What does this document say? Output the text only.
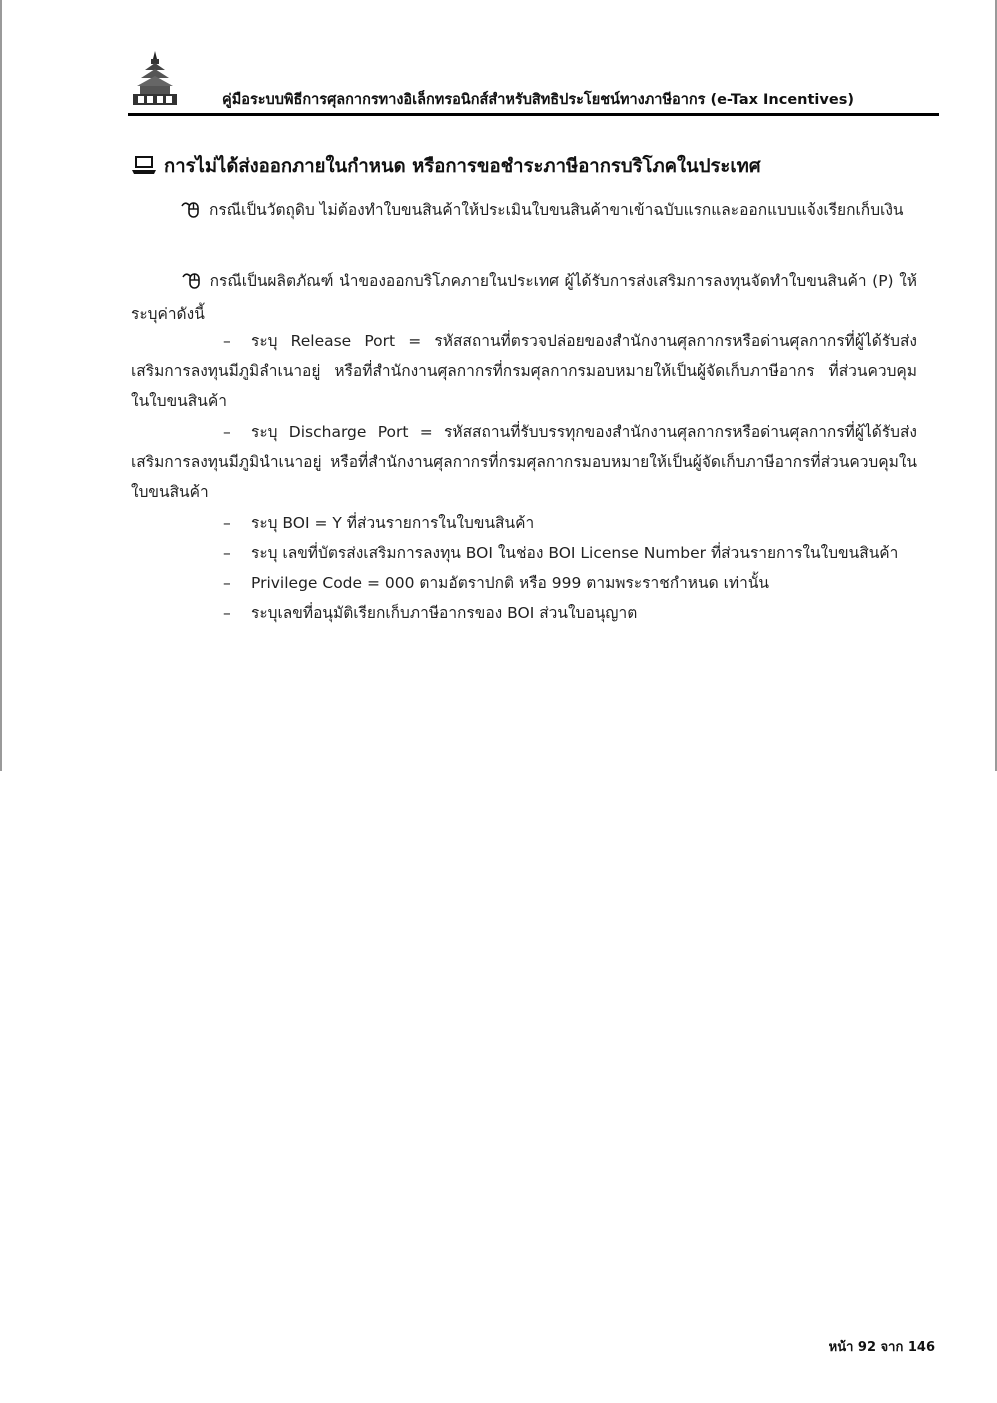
คู่มือระบบพิธีการศุลกากรทางอิเล็กทรอนิกส์สำหรับสิทธิประโยชน์ทางภาษีอากร (e-Tax Incentives)
การไม่ได้ส่งออกภายในกำหนด หรือการขอชำระภาษีอากรบริโภคในประเทศ

กรณีเป็นวัตถุดิบ ไม่ต้องทำใบขนสินค้าให้ประเมินใบขนสินค้าขาเข้าฉบับแรกและออกแบบแจ้งเรียกเก็บเงิน

กรณีเป็นผลิตภัณฑ์ นำของออกบริโภคภายในประเทศ ผู้ได้รับการส่งเสริมการลงทุนจัดทำใบขนสินค้า (P) ให้ระบุค่าดังนี้

– ระบุ Release Port = รหัสสถานที่ตรวจปล่อยของสำนักงานศุลกากรหรือด่านศุลกากรที่ผู้ได้รับส่งเสริมการลงทุนมีภูมิลำเนาอยู่ หรือที่สำนักงานศุลกากรที่กรมศุลกากรมอบหมายให้เป็นผู้จัดเก็บภาษีอากร ที่ส่วนควบคุมในใบขนสินค้า

– ระบุ Discharge Port = รหัสสถานที่รับบรรทุกของสำนักงานศุลกากรหรือด่านศุลกากรที่ผู้ได้รับส่งเสริมการลงทุนมีภูมินำเนาอยู่ หรือที่สำนักงานศุลกากรที่กรมศุลกากรมอบหมายให้เป็นผู้จัดเก็บภาษีอากรที่ส่วนควบคุมในใบขนสินค้า

– ระบุ BOI = Y ที่ส่วนรายการในใบขนสินค้า

– ระบุ เลขที่บัตรส่งเสริมการลงทุน BOI ในช่อง BOI License Number ที่ส่วนรายการในใบขนสินค้า

– Privilege Code = 000 ตามอัตราปกติ หรือ 999 ตามพระราชกำหนด เท่านั้น

– ระบุเลขที่อนุมัติเรียกเก็บภาษีอากรของ BOI ส่วนใบอนุญาต

หน้า 92 จาก 146
